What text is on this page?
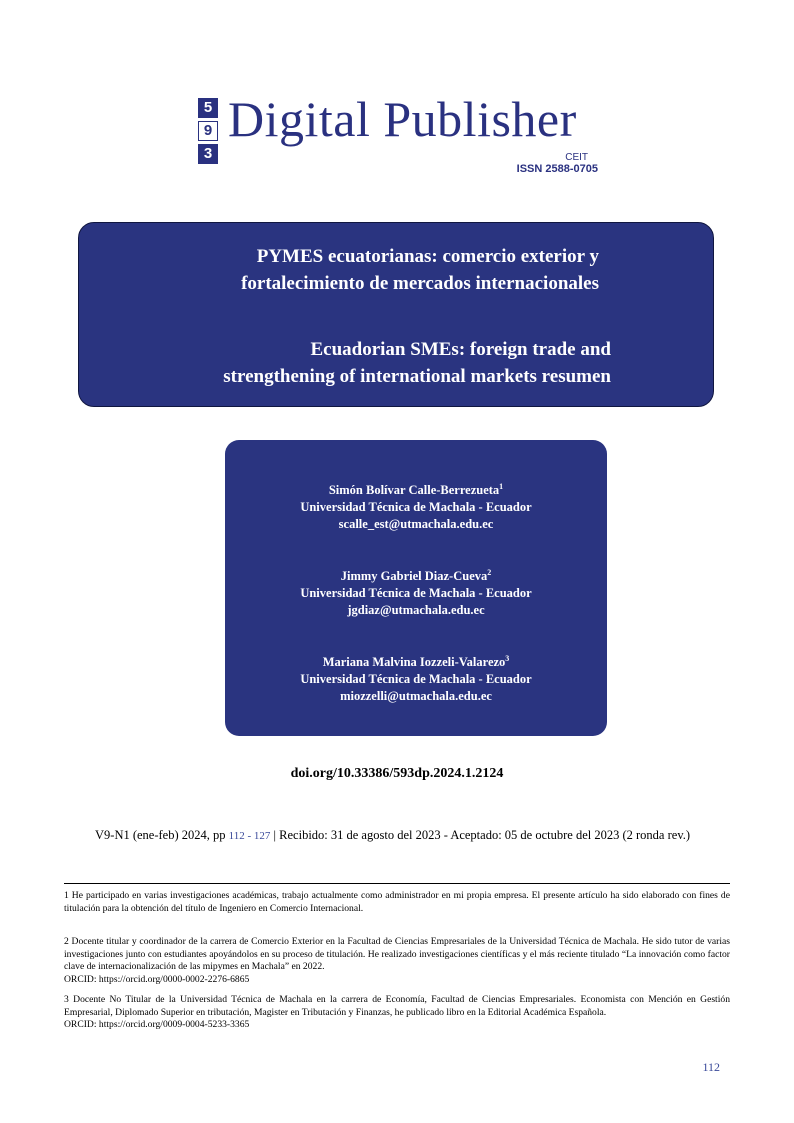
5
9
3
Digital Publisher
CEIT
ISSN 2588-0705
PYMES ecuatorianas: comercio exterior y
fortalecimiento de mercados internacionales
Ecuadorian SMEs: foreign trade and
strengthening of international markets resumen
Simón Bolívar Calle-Berrezueta$^1$
Universidad Técnica de Machala - Ecuador
scalle_est@utmachala.edu.ec
Jimmy Gabriel Diaz-Cueva$^2$
Universidad Técnica de Machala - Ecuador
jgdiaz@utmachala.edu.ec
Mariana Malvina Iozzeli-Valarezo$^3$
Universidad Técnica de Machala - Ecuador
miozzelli@utmachala.edu.ec
doi.org/10.33386/593dp.2024.1.2124
V9-N1 (ene-feb) 2024, pp 112 - 127 | Recibido: 31 de agosto del 2023 - Aceptado: 05 de octubre del 2023 (2 ronda rev.)
1 He participado en varias investigaciones académicas, trabajo actualmente como administrador en mi propia empresa. El presente artículo ha sido elaborado con fines de titulación para la obtención del título de Ingeniero en Comercio Internacional.
2 Docente titular y coordinador de la carrera de Comercio Exterior en la Facultad de Ciencias Empresariales de la Universidad Técnica de Machala. He sido tutor de varias investigaciones junto con estudiantes apoyándolos en su proceso de titulación. He realizado investigaciones científicas y el más reciente titulado “La innovación como factor clave de internacionalización de las mipymes en Machala” en 2022.
ORCID: https://orcid.org/0000-0002-2276-6865
3 Docente No Titular de la Universidad Técnica de Machala en la carrera de Economía, Facultad de Ciencias Empresariales. Economista con Mención en Gestión Empresarial, Diplomado Superior en tributación, Magister en Tributación y Finanzas, he publicado libro en la Editorial Académica Española.
ORCID: https://orcid.org/0009-0004-5233-3365
112
